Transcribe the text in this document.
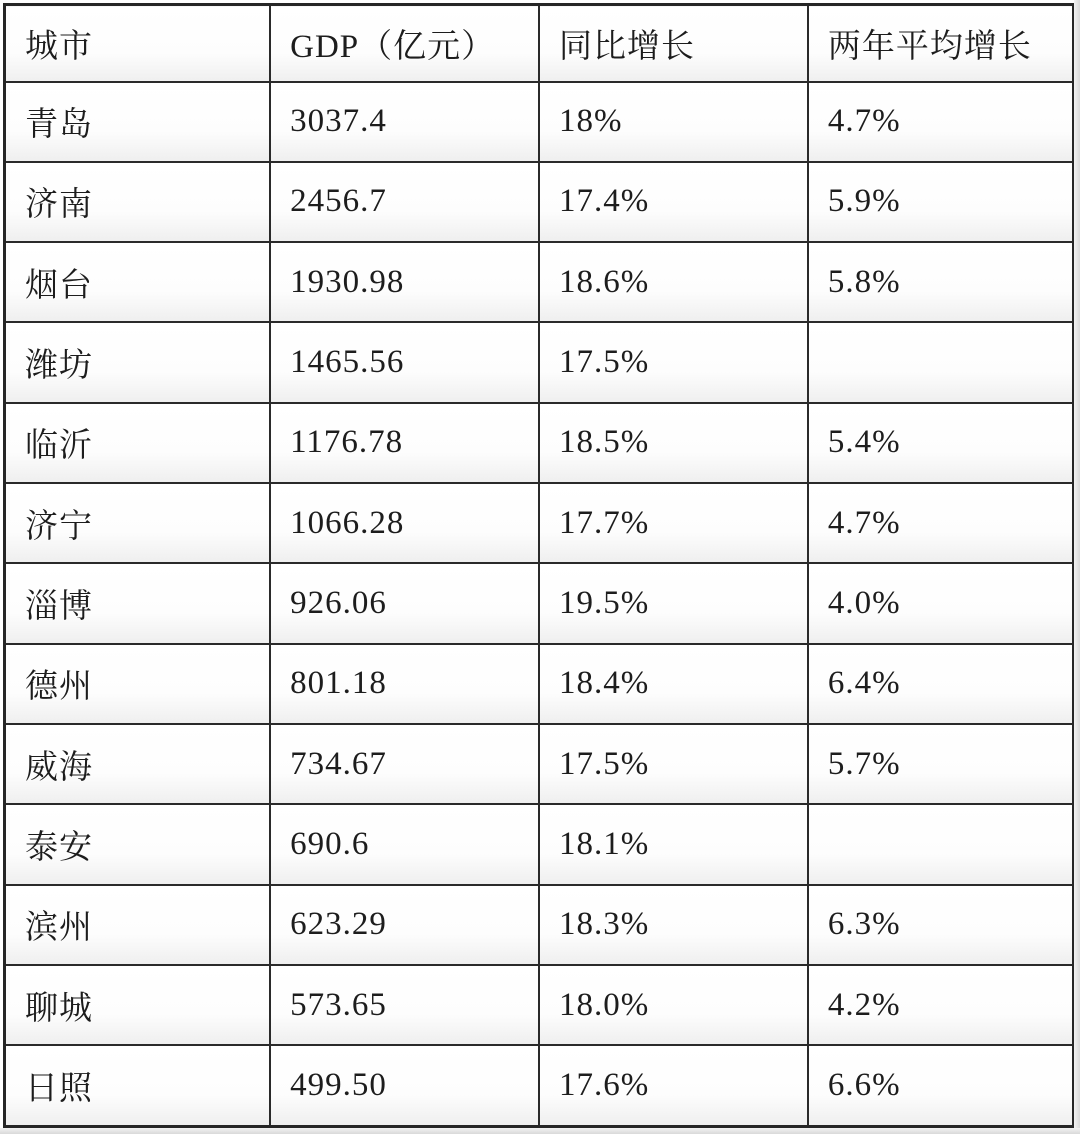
城市	GDP（亿元）	同比增长	两年平均增长
青岛	3037.4	18%	4.7%
济南	2456.7	17.4%	5.9%
烟台	1930.98	18.6%	5.8%
潍坊	1465.56	17.5%	
临沂	1176.78	18.5%	5.4%
济宁	1066.28	17.7%	4.7%
淄博	926.06	19.5%	4.0%
德州	801.18	18.4%	6.4%
威海	734.67	17.5%	5.7%
泰安	690.6	18.1%	
滨州	623.29	18.3%	6.3%
聊城	573.65	18.0%	4.2%
日照	499.50	17.6%	6.6%
